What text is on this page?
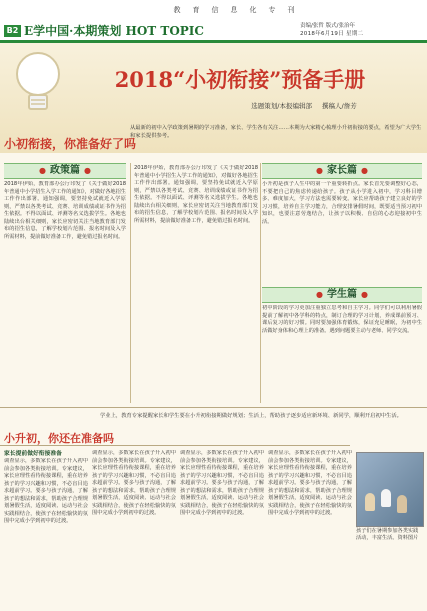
教育信息化专刊
B2 E学中国·本期策划 HOT TOPIC	责编/张哲 版式/张治年
2018年6月19日 星期二
2018“小初衔接”预备手册
选题策划/本报编辑部 撰稿人/詹芳
小初衔接，你准备好了吗
从最新的初中入学政策到暑期的学习准备，家长、学生各有关注……本期为大家精心梳理小升初衔接的要点，希望为广大学生和家长提供参考。
● 政策篇 ●	● 家长篇 ●
● 学生篇 ●
2018年伊始，教育部办公厅印发了《关于做好2018年普通中小学招生入学工作的通知》，对做好各地招生工作作出部署。通知强调，要坚持免试就近入学原则，严禁以各类考试、竞赛、培训成绩或证书作为招生依据。不得以面试、评测等名义选拔学生。各地也陆续出台相关细则，家长应密切关注当地教育部门发布的招生信息，了解学校划片范围、报名时间及入学所需材料，提前做好准备工作，避免错过报名时间。
2018年伊始，教育部办公厅印发了《关于做好2018年普通中小学招生入学工作的通知》，对做好各地招生工作作出部署。通知强调，要坚持免试就近入学原则，严禁以各类考试、竞赛、培训成绩或证书作为招生依据。不得以面试、评测等名义选拔学生。各地也陆续出台相关细则，家长应密切关注当地教育部门发布的招生信息，了解学校划片范围、报名时间及入学所需材料，提前做好准备工作，避免错过报名时间。
小升初是孩子人生中的第一个重要转折点。家长首先要调整好心态，不要把自己的焦虑传递给孩子。孩子从小学进入初中，学习科目增多、难度加大，学习方法也需要转变。家长应帮助孩子建立良好的学习习惯，培养自主学习能力，合理安排暑假时间，既要适当预习初中知识，也要注意劳逸结合，让孩子以积极、自信的心态迎接初中生活。
初中阶段的学习更加注重独立思考和自主学习。同学们可以利用暑假提前了解初中各学科的特点，制订合理的学习计划，养成课前预习、课后复习的好习惯。同时要加强体育锻炼，保证充足睡眠，为初中生活做好身体和心理上的准备。遇到问题要主动与老师、同学交流。
学业上，教育专家提醒家长和学生要在小升初衔接期做好规划；生活上，帮助孩子逐步适应新环境、新同学，顺利开启初中生活。
小升初，你还在准备吗
家长提前做好衔接准备
调查显示，多数家长在孩子升入初中前会参加各类衔接培训。专家建议，家长应理性看待衔接课程，重在培养孩子的学习兴趣和习惯，不必盲目追求超前学习。要多与孩子沟通，了解孩子的想法和需求，帮助孩子合理规划暑假生活，适度阅读、运动与社会实践相结合，使孩子在轻松愉快的氛围中完成小学到初中的过渡。
调查显示，多数家长在孩子升入初中前会参加各类衔接培训。专家建议，家长应理性看待衔接课程，重在培养孩子的学习兴趣和习惯，不必盲目追求超前学习。要多与孩子沟通，了解孩子的想法和需求，帮助孩子合理规划暑假生活，适度阅读、运动与社会实践相结合，使孩子在轻松愉快的氛围中完成小学到初中的过渡。
调查显示，多数家长在孩子升入初中前会参加各类衔接培训。专家建议，家长应理性看待衔接课程，重在培养孩子的学习兴趣和习惯，不必盲目追求超前学习。要多与孩子沟通，了解孩子的想法和需求，帮助孩子合理规划暑假生活，适度阅读、运动与社会实践相结合，使孩子在轻松愉快的氛围中完成小学到初中的过渡。
调查显示，多数家长在孩子升入初中前会参加各类衔接培训。专家建议，家长应理性看待衔接课程，重在培养孩子的学习兴趣和习惯，不必盲目追求超前学习。要多与孩子沟通，了解孩子的想法和需求，帮助孩子合理规划暑假生活，适度阅读、运动与社会实践相结合，使孩子在轻松愉快的氛围中完成小学到初中的过渡。
孩子们在暑期参加各类实践活动，丰富生活。资料图片
